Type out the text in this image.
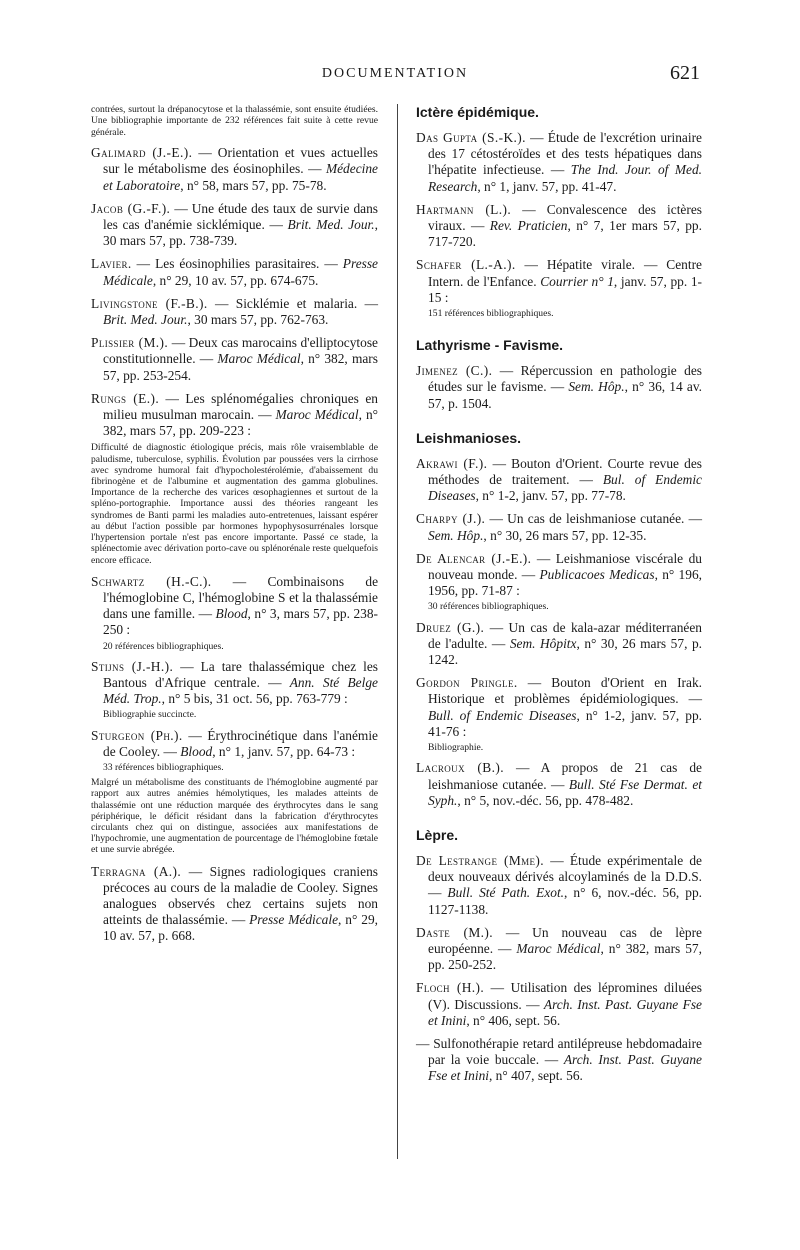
DOCUMENTATION	621
contrées, surtout la drépanocytose et la thalassémie, sont ensuite étudiées. Une bibliographie importante de 232 références fait suite à cette revue générale.
Galimard (J.-E.). — Orientation et vues actuelles sur le métabolisme des éosinophiles. — Médecine et Laboratoire, n° 58, mars 57, pp. 75-78.
Jacob (G.-F.). — Une étude des taux de survie dans les cas d'anémie sicklémique. — Brit. Med. Jour., 30 mars 57, pp. 738-739.
Lavier. — Les éosinophilies parasitaires. — Presse Médicale, n° 29, 10 av. 57, pp. 674-675.
Livingstone (F.-B.). — Sicklémie et malaria. — Brit. Med. Jour., 30 mars 57, pp. 762-763.
Plissier (M.). — Deux cas marocains d'elliptocytose constitutionnelle. — Maroc Médical, n° 382, mars 57, pp. 253-254.
Rungs (E.). — Les splénomégalies chroniques en milieu musulman marocain. — Maroc Médical, n° 382, mars 57, pp. 209-223 :
Difficulté de diagnostic étiologique précis, mais rôle vraisemblable de paludisme, tuberculose, syphilis. Évolution par poussées vers la cirrhose avec syndrome humoral fait d'hypocholestérolémie, d'abaissement du fibrinogène et de l'albumine et augmentation des gamma globulines. Importance de la recherche des varices œsophagiennes et surtout de la spléno-portographie. Importance aussi des théories rangeant les syndromes de Banti parmi les maladies auto-entretenues, laissant espérer au début l'action possible par hormones hypophysosurrénales lorsque l'hypertension portale n'est pas encore importante. Passé ce stade, la splénectomie avec dérivation porto-cave ou splénorénale reste quelquefois encore efficace.
Schwartz (H.-C.). — Combinaisons de l'hémoglobine C, l'hémoglobine S et la thalassémie dans une famille. — Blood, n° 3, mars 57, pp. 238-250 :
20 références bibliographiques.
Stijns (J.-H.). — La tare thalassémique chez les Bantous d'Afrique centrale. — Ann. Sté Belge Méd. Trop., n° 5 bis, 31 oct. 56, pp. 763-779 :
Bibliographie succincte.
Sturgeon (Ph.). — Érythrocinétique dans l'anémie de Cooley. — Blood, n° 1, janv. 57, pp. 64-73 :
33 références bibliographiques.
Malgré un métabolisme des constituants de l'hémoglobine augmenté par rapport aux autres anémies hémolytiques, les malades atteints de thalassémie ont une réduction marquée des érythrocytes dans le sang périphérique, le déficit résidant dans la fabrication d'érythrocytes circulants chez qui on distingue, associées aux manifestations de l'hypochromie, une augmentation de pourcentage de l'hémoglobine fœtale et une survie abrégée.
Terragna (A.). — Signes radiologiques craniens précoces au cours de la maladie de Cooley. Signes analogues observés chez certains sujets non atteints de thalassémie. — Presse Médicale, n° 29, 10 av. 57, p. 668.
Ictère épidémique.
Das Gupta (S.-K.). — Étude de l'excrétion urinaire des 17 cétostéroïdes et des tests hépatiques dans l'hépatite infectieuse. — The Ind. Jour. of Med. Research, n° 1, janv. 57, pp. 41-47.
Hartmann (L.). — Convalescence des ictères viraux. — Rev. Praticien, n° 7, 1er mars 57, pp. 717-720.
Schafer (L.-A.). — Hépatite virale. — Centre Intern. de l'Enfance. Courrier n° 1, janv. 57, pp. 1-15 :
151 références bibliographiques.
Lathyrisme - Favisme.
Jimenez (C.). — Répercussion en pathologie des études sur le favisme. — Sem. Hôp., n° 36, 14 av. 57, p. 1504.
Leishmanioses.
Akrawi (F.). — Bouton d'Orient. Courte revue des méthodes de traitement. — Bul. of Endemic Diseases, n° 1-2, janv. 57, pp. 77-78.
Charpy (J.). — Un cas de leishmaniose cutanée. — Sem. Hôp., n° 30, 26 mars 57, pp. 12-35.
De Alencar (J.-E.). — Leishmaniose viscérale du nouveau monde. — Publicacoes Medicas, n° 196, 1956, pp. 71-87 :
30 références bibliographiques.
Druez (G.). — Un cas de kala-azar méditerranéen de l'adulte. — Sem. Hôpitx, n° 30, 26 mars 57, p. 1242.
Gordon Pringle. — Bouton d'Orient en Irak. Historique et problèmes épidémiologiques. — Bull. of Endemic Diseases, n° 1-2, janv. 57, pp. 41-76 :
Bibliographie.
Lacroux (B.). — A propos de 21 cas de leishmaniose cutanée. — Bull. Sté Fse Dermat. et Syph., n° 5, nov.-déc. 56, pp. 478-482.
Lèpre.
De Lestrange (Mme). — Étude expérimentale de deux nouveaux dérivés alcoylaminés de la D.D.S. — Bull. Sté Path. Exot., n° 6, nov.-déc. 56, pp. 1127-1138.
Daste (M.). — Un nouveau cas de lèpre européenne. — Maroc Médical, n° 382, mars 57, pp. 250-252.
Floch (H.). — Utilisation des lépromines diluées (V). Discussions. — Arch. Inst. Past. Guyane Fse et Inini, n° 406, sept. 56.
— Sulfonothérapie retard antilépreuse hebdomadaire par la voie buccale. — Arch. Inst. Past. Guyane Fse et Inini, n° 407, sept. 56.
